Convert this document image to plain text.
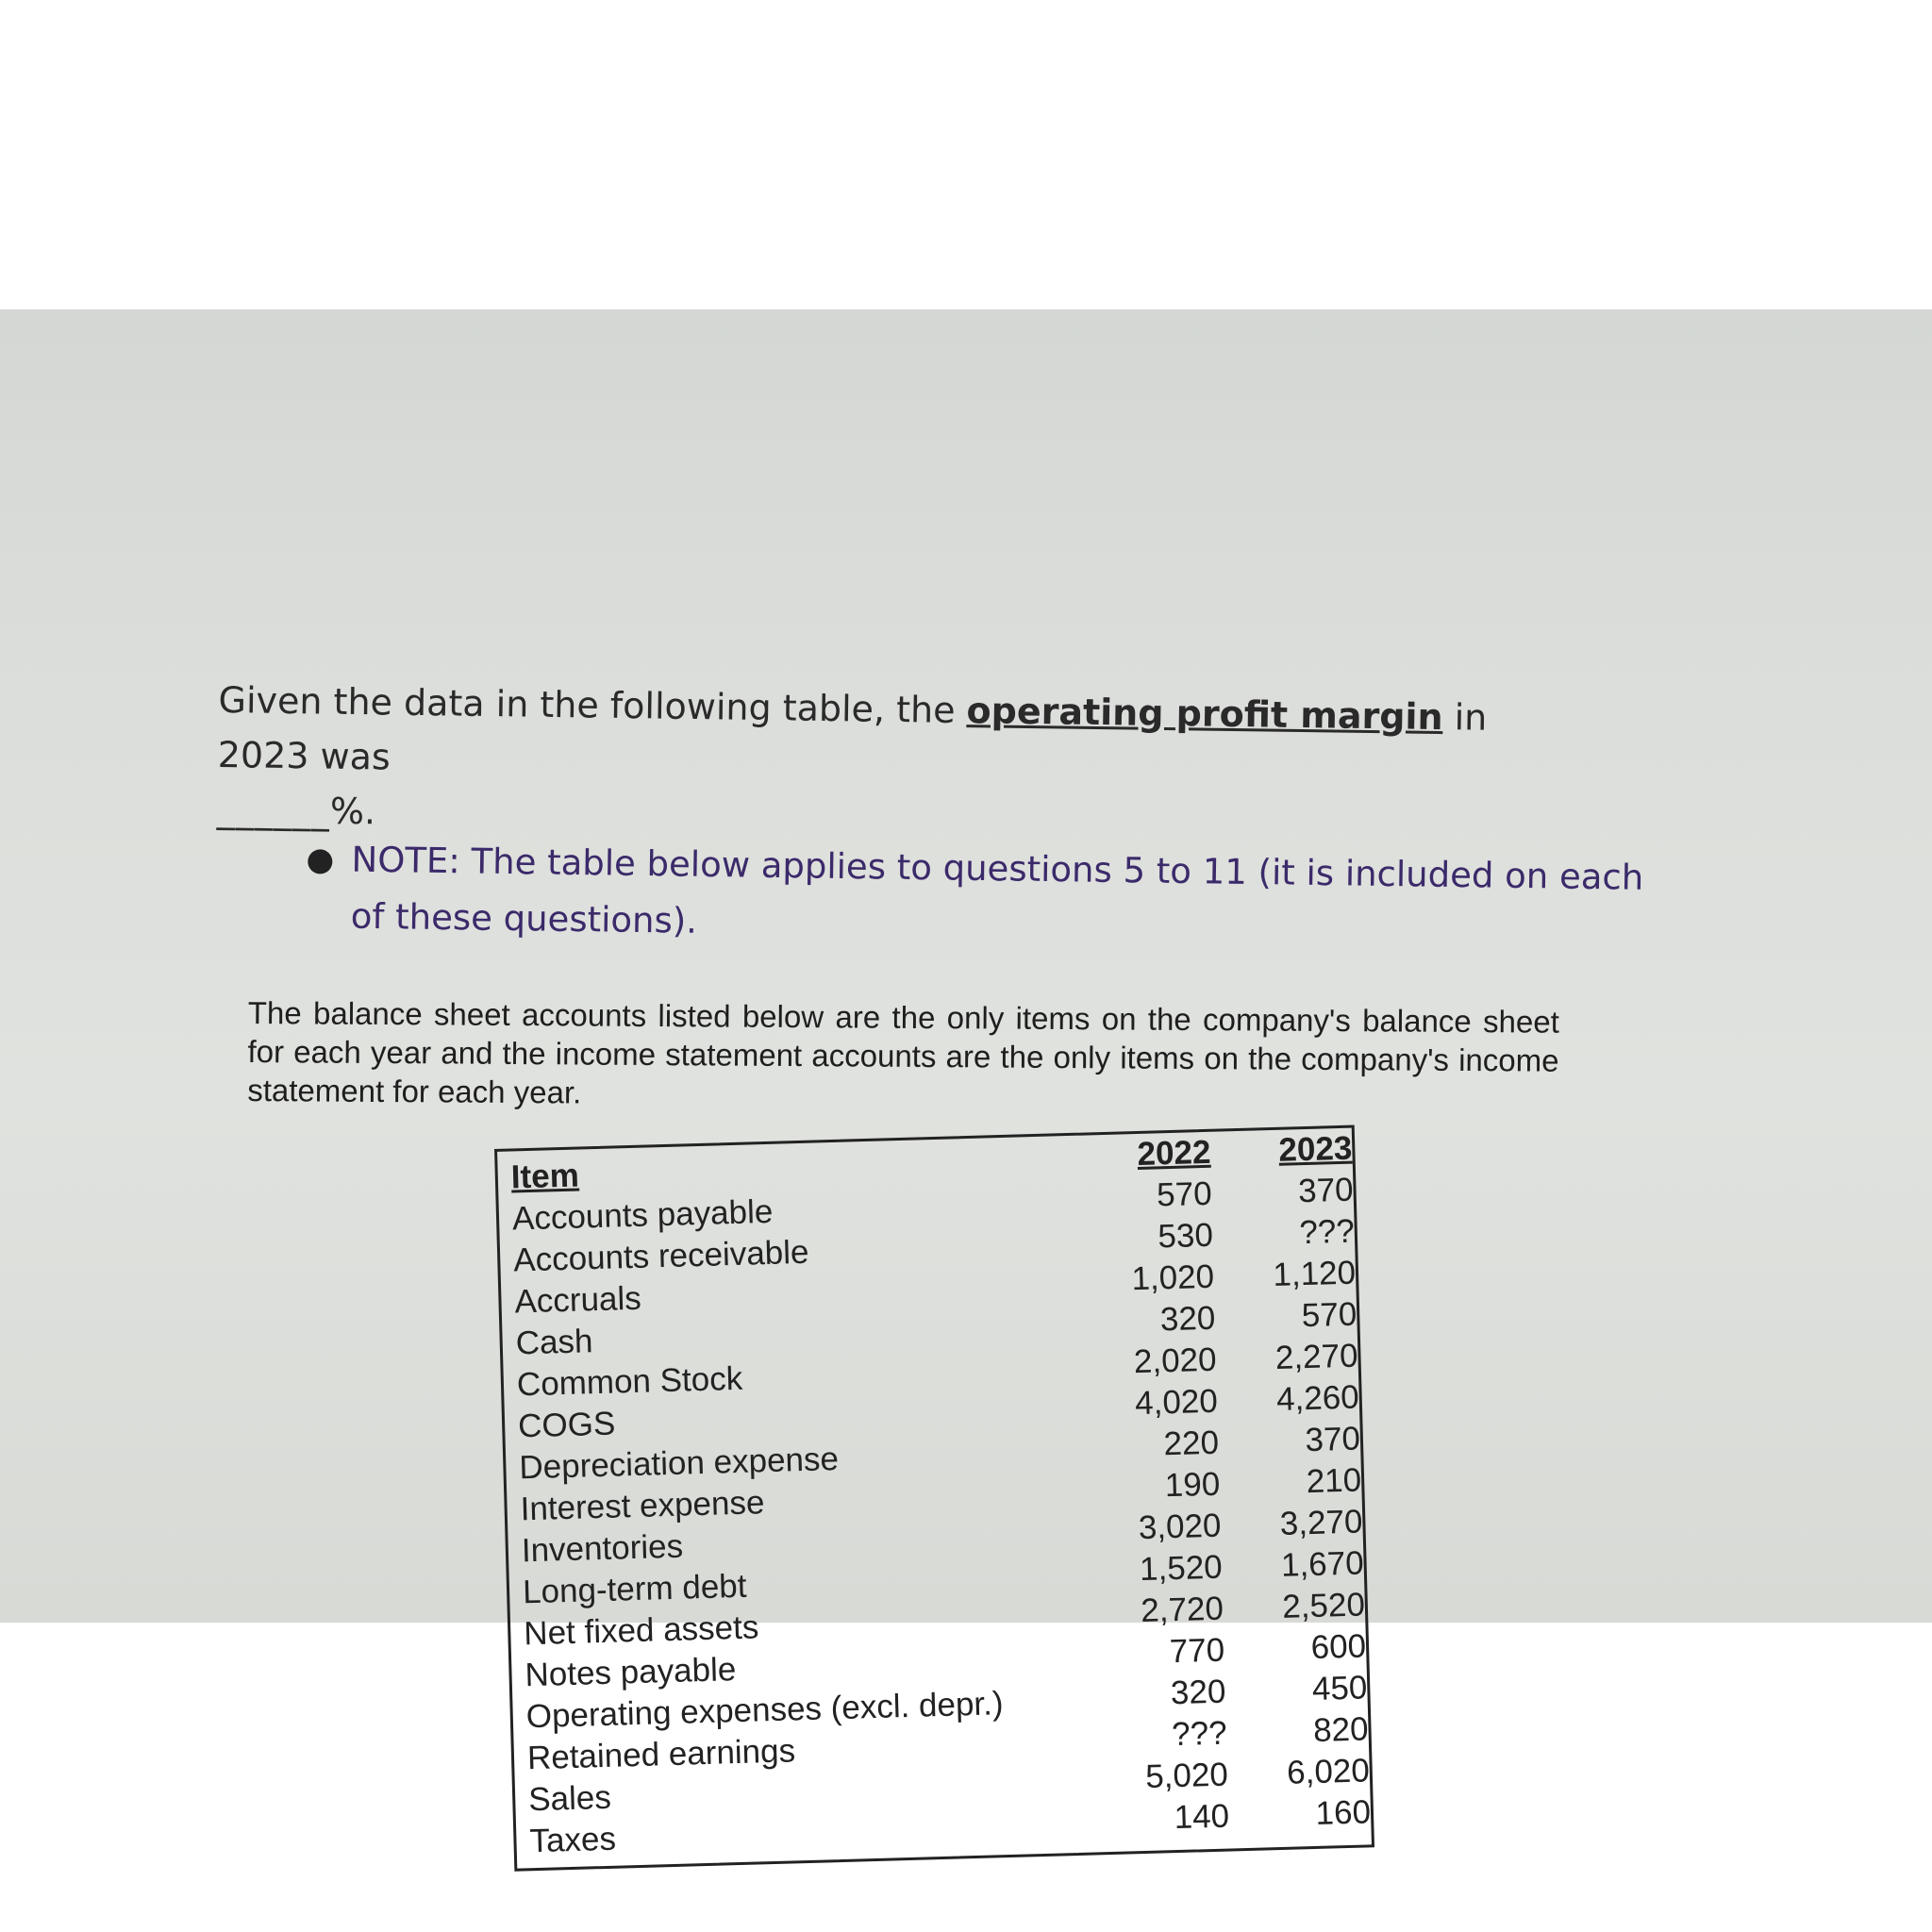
Given the data in the following table, the operating profit margin in 2023 was
______%.
● NOTE: The table below applies to questions 5 to 11 (it is included on each of these questions).
The balance sheet accounts listed below are the only items on the company's balance sheet for each year and the income statement accounts are the only items on the company's income statement for each year.
Item
Accounts payable
Accounts receivable
Accruals
Cash
Common Stock
COGS
Depreciation expense
Interest expense
Inventories
Long-term debt
Net fixed assets
Notes payable
Operating expenses (excl. depr.)
Retained earnings
Sales
Taxes
2022
570
530
1,020
320
2,020
4,020
220
190
3,020
1,520
2,720
770
320
???
5,020
140
2023
370
???
1,120
570
2,270
4,260
370
210
3,270
1,670
2,520
600
450
820
6,020
160
